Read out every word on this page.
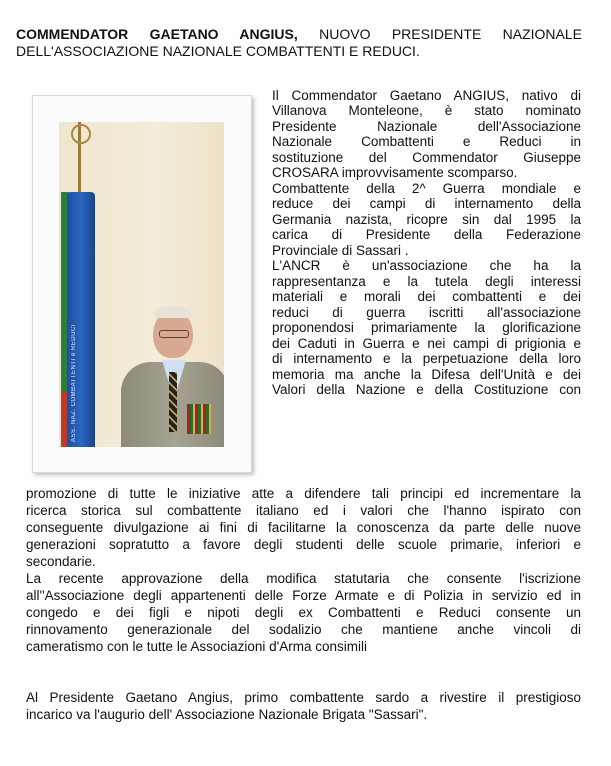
COMMENDATOR GAETANO ANGIUS, NUOVO PRESIDENTE NAZIONALE
DELL'ASSOCIAZIONE NAZIONALE COMBATTENTI E REDUCI.
ASS. NAZ. COMBATTENTI e REDUCI
Il Commendator Gaetano ANGIUS, nativo di
Villanova Monteleone, è stato nominato
Presidente Nazionale dell'Associazione
Nazionale Combattenti e Reduci in
sostituzione del Commendator Giuseppe
CROSARA improvvisamente scomparso.
Combattente della 2^ Guerra mondiale e
reduce dei campi di internamento della
Germania nazista, ricopre sin dal 1995 la
carica di Presidente della Federazione
Provinciale di Sassari .
L'ANCR è un'associazione che ha la
rappresentanza e la tutela degli interessi
materiali e morali dei combattenti e dei
reduci di guerra iscritti all'associazione
proponendosi primariamente la glorificazione
dei Caduti in Guerra e nei campi di prigionia e
di internamento e la perpetuazione della loro
memoria ma anche la Difesa dell'Unità e dei
Valori della Nazione e della Costituzione con
promozione di tutte le iniziative atte a difendere tali principi ed incrementare la
ricerca storica sul combattente italiano ed i valori che l'hanno ispirato con
conseguente divulgazione ai fini di facilitarne la conoscenza da parte delle nuove
generazioni sopratutto a favore degli studenti delle scuole primarie, inferiori e
secondarie.
La recente approvazione della modifica statutaria che consente l'iscrizione
all''Associazione degli appartenenti delle Forze Armate e di Polizia in servizio ed in
congedo e dei figli e nipoti degli ex Combattenti e Reduci consente un
rinnovamento generazionale del sodalizio che mantiene anche vincoli di
cameratismo con le tutte le Associazioni d'Arma consimili
Al Presidente Gaetano Angius, primo combattente sardo a rivestire il prestigioso
incarico va l'augurio dell' Associazione Nazionale Brigata "Sassari".
